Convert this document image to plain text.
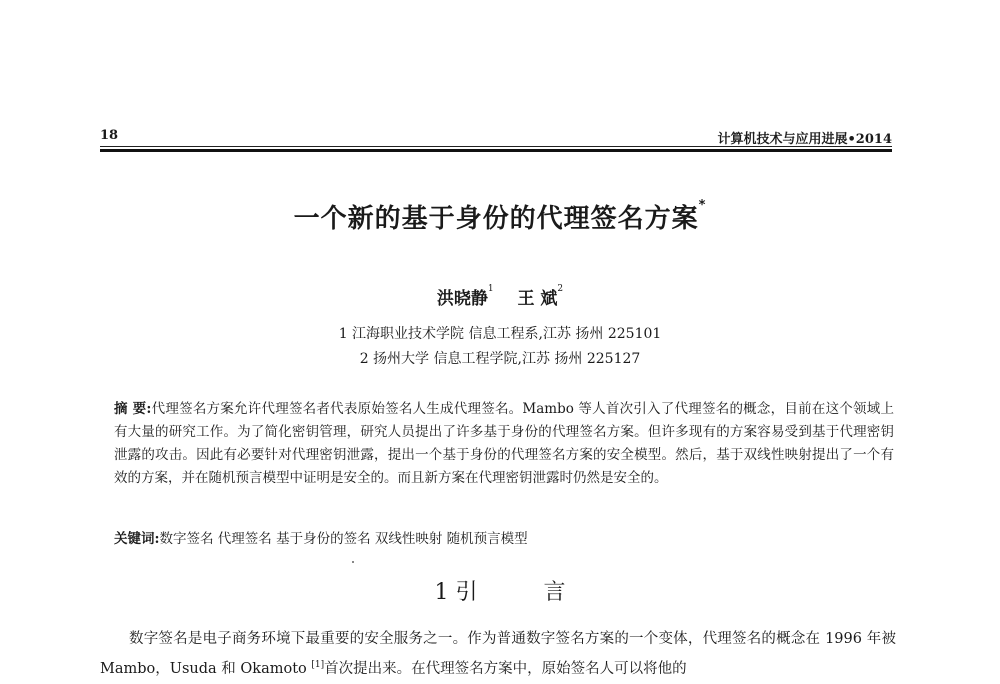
18	计算机技术与应用进展•2014
一个新的基于身份的代理签名方案*
洪晓静$^1$ 王 斌$^2$
1 江海职业技术学院 信息工程系,江苏 扬州 225101
2 扬州大学 信息工程学院,江苏 扬州 225127
摘 要:代理签名方案允许代理签名者代表原始签名人生成代理签名。Mambo 等人首次引入了代理签名的概念，目前在这个领域上有大量的研究工作。为了简化密钥管理，研究人员提出了许多基于身份的代理签名方案。但许多现有的方案容易受到基于代理密钥泄露的攻击。因此有必要针对代理密钥泄露，提出一个基于身份的代理签名方案的安全模型。然后，基于双线性映射提出了一个有效的方案，并在随机预言模型中证明是安全的。而且新方案在代理密钥泄露时仍然是安全的。
关键词:数字签名 代理签名 基于身份的签名 双线性映射 随机预言模型
1 引	言
数字签名是电子商务环境下最重要的安全服务之一。作为普通数字签名方案的一个变体，代理签名的概念在 1996 年被 Mambo，Usuda 和 Okamoto [1]首次提出来。在代理签名方案中，原始签名人可以将他的
